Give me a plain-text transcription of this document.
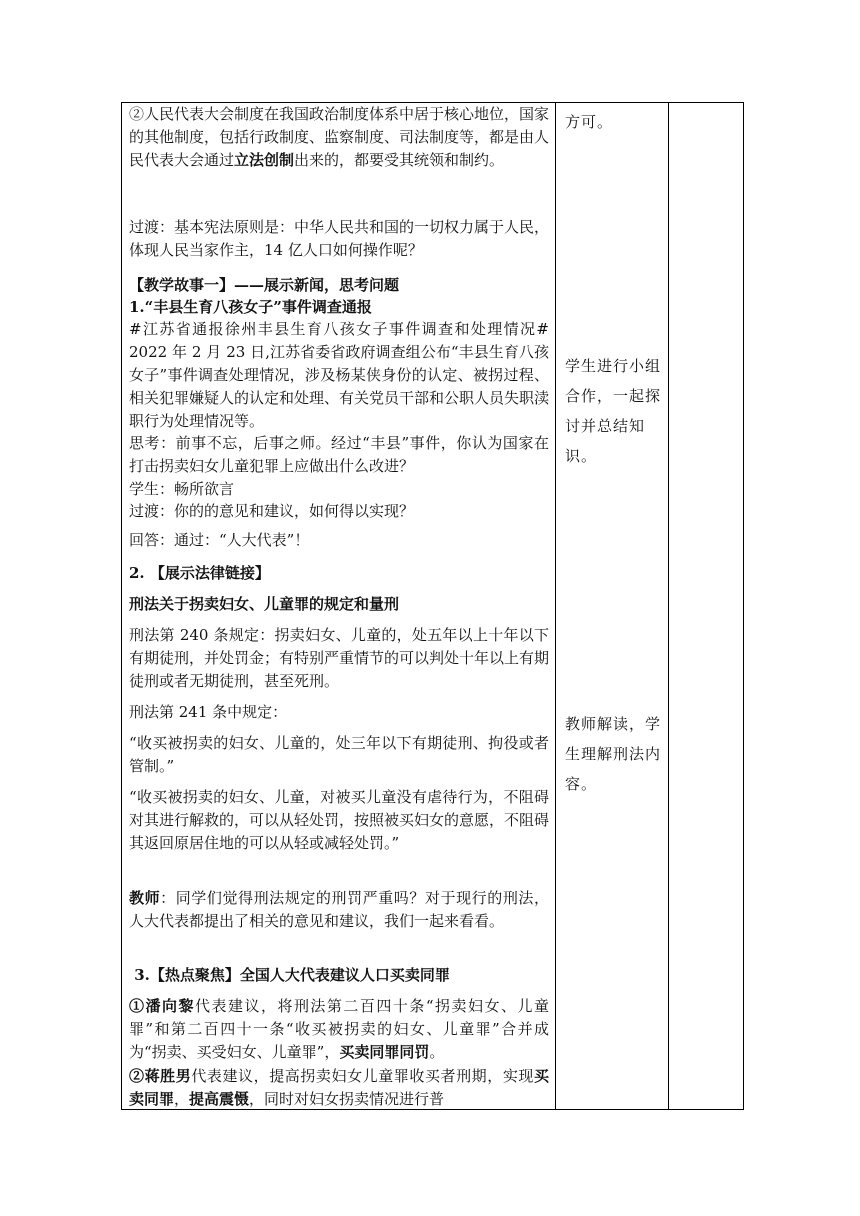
②人民代表大会制度在我国政治制度体系中居于核心地位，国家的其他制度，包括行政制度、监察制度、司法制度等，都是由人民代表大会通过立法创制出来的，都要受其统领和制约。
过渡：基本宪法原则是：中华人民共和国的一切权力属于人民，体现人民当家作主，14 亿人口如何操作呢？
【教学故事一】——展示新闻，思考问题
1.“丰县生育八孩女子”事件调查通报
#江苏省通报徐州丰县生育八孩女子事件调查和处理情况#　2022 年 2 月 23 日,江苏省委省政府调查组公布“丰县生育八孩女子”事件调查处理情况，涉及杨某侠身份的认定、被拐过程、相关犯罪嫌疑人的认定和处理、有关党员干部和公职人员失职渎职行为处理情况等。
思考：前事不忘，后事之师。经过“丰县”事件，你认为国家在打击拐卖妇女儿童犯罪上应做出什么改进？
学生：畅所欲言
过渡：你的的意见和建议，如何得以实现？
回答：通过：“人大代表”！
2. 【展示法律链接】
刑法关于拐卖妇女、儿童罪的规定和量刑
刑法第 240 条规定：拐卖妇女、儿童的，处五年以上十年以下有期徒刑，并处罚金；有特别严重情节的可以判处十年以上有期徒刑或者无期徒刑，甚至死刑。
刑法第 241 条中规定：
“收买被拐卖的妇女、儿童的，处三年以下有期徒刑、拘役或者管制。”
“收买被拐卖的妇女、儿童，对被买儿童没有虐待行为，不阻碍对其进行解救的，可以从轻处罚，按照被买妇女的意愿，不阻碍其返回原居住地的可以从轻或减轻处罚。”
教师：同学们觉得刑法规定的刑罚严重吗？对于现行的刑法，人大代表都提出了相关的意见和建议，我们一起来看看。
3.【热点聚焦】全国人大代表建议人口买卖同罪
①潘向黎代表建议，将刑法第二百四十条“拐卖妇女、儿童罪”和第二百四十一条“收买被拐卖的妇女、儿童罪”合并成为“拐卖、买受妇女、儿童罪”，买卖同罪同罚。
②蒋胜男代表建议，提高拐卖妇女儿童罪收买者刑期，实现买卖同罪，提高震慑，同时对妇女拐卖情况进行普
方可。
学生进行小组合作，一起探讨并总结知识。
教师解读，学生理解刑法内容。
